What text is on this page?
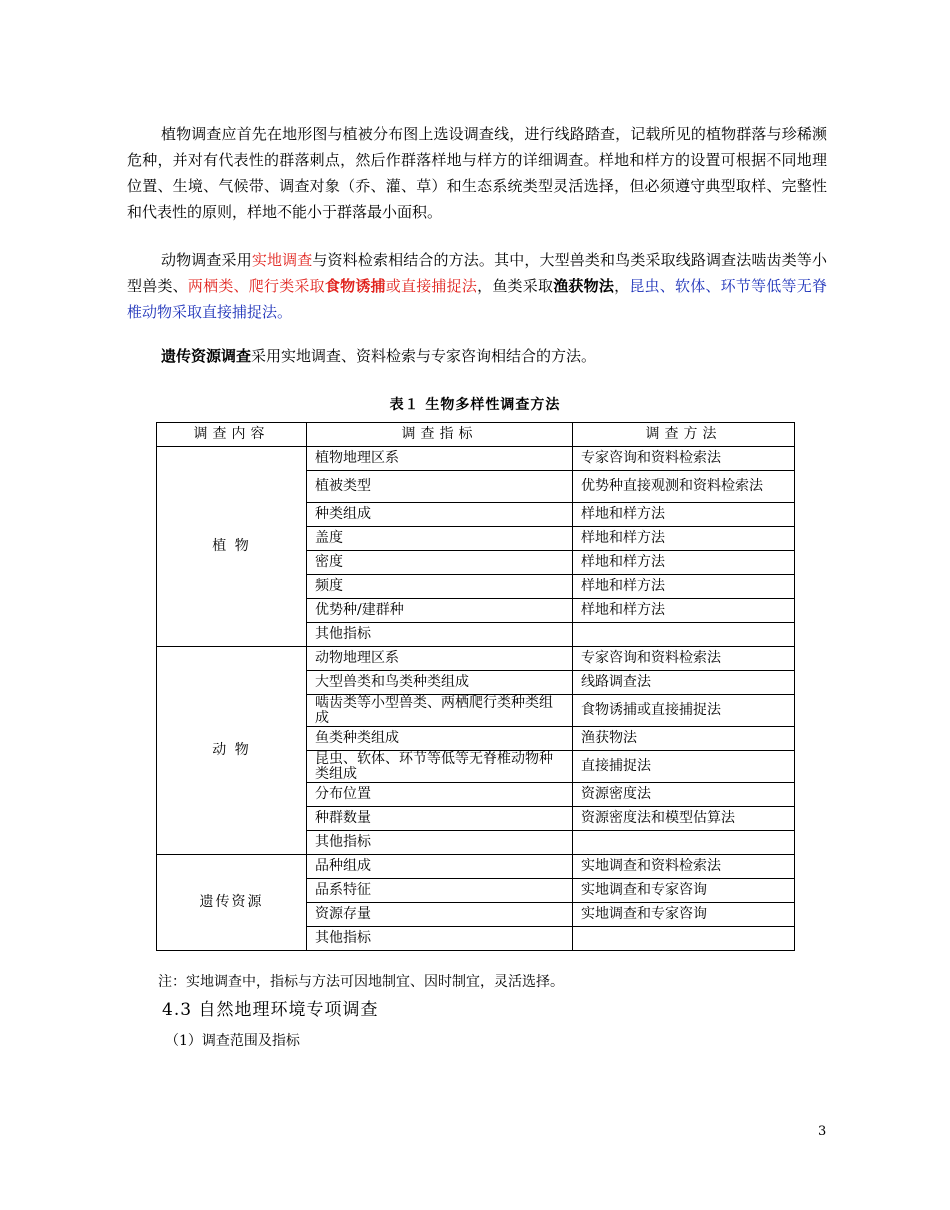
植物调查应首先在地形图与植被分布图上选设调查线，进行线路踏查，记载所见的植物群落与珍稀濒危种，并对有代表性的群落刺点，然后作群落样地与样方的详细调查。样地和样方的设置可根据不同地理位置、生境、气候带、调查对象（乔、灌、草）和生态系统类型灵活选择，但必须遵守典型取样、完整性和代表性的原则，样地不能小于群落最小面积。

动物调查采用实地调查与资料检索相结合的方法。其中，大型兽类和鸟类采取线路调查法啮齿类等小型兽类、两栖类、爬行类采取食物诱捕或直接捕捉法，鱼类采取渔获物法，昆虫、软体、环节等低等无脊椎动物采取直接捕捉法。

遗传资源调查采用实地调查、资料检索与专家咨询相结合的方法。

表１ 生物多样性调查方法
调查内容	调查指标	调查方法
植 物	植物地理区系	专家咨询和资料检索法
	植被类型	优势种直接观测和资料检索法
	种类组成	样地和样方法
	盖度	样地和样方法
	密度	样地和样方法
	频度	样地和样方法
	优势种/建群种	样地和样方法
	其他指标	
动 物	动物地理区系	专家咨询和资料检索法
	大型兽类和鸟类种类组成	线路调查法
	啮齿类等小型兽类、两栖爬行类种类组成	食物诱捕或直接捕捉法
	鱼类种类组成	渔获物法
	昆虫、软体、环节等低等无脊椎动物种类组成	直接捕捉法
	分布位置	资源密度法
	种群数量	资源密度法和模型估算法
	其他指标	
遗传资源	品种组成	实地调查和资料检索法
	品系特征	实地调查和专家咨询
	资源存量	实地调查和专家咨询
	其他指标	
注：实地调查中，指标与方法可因地制宜、因时制宜，灵活选择。
4.3 自然地理环境专项调查
（1）调查范围及指标
3
